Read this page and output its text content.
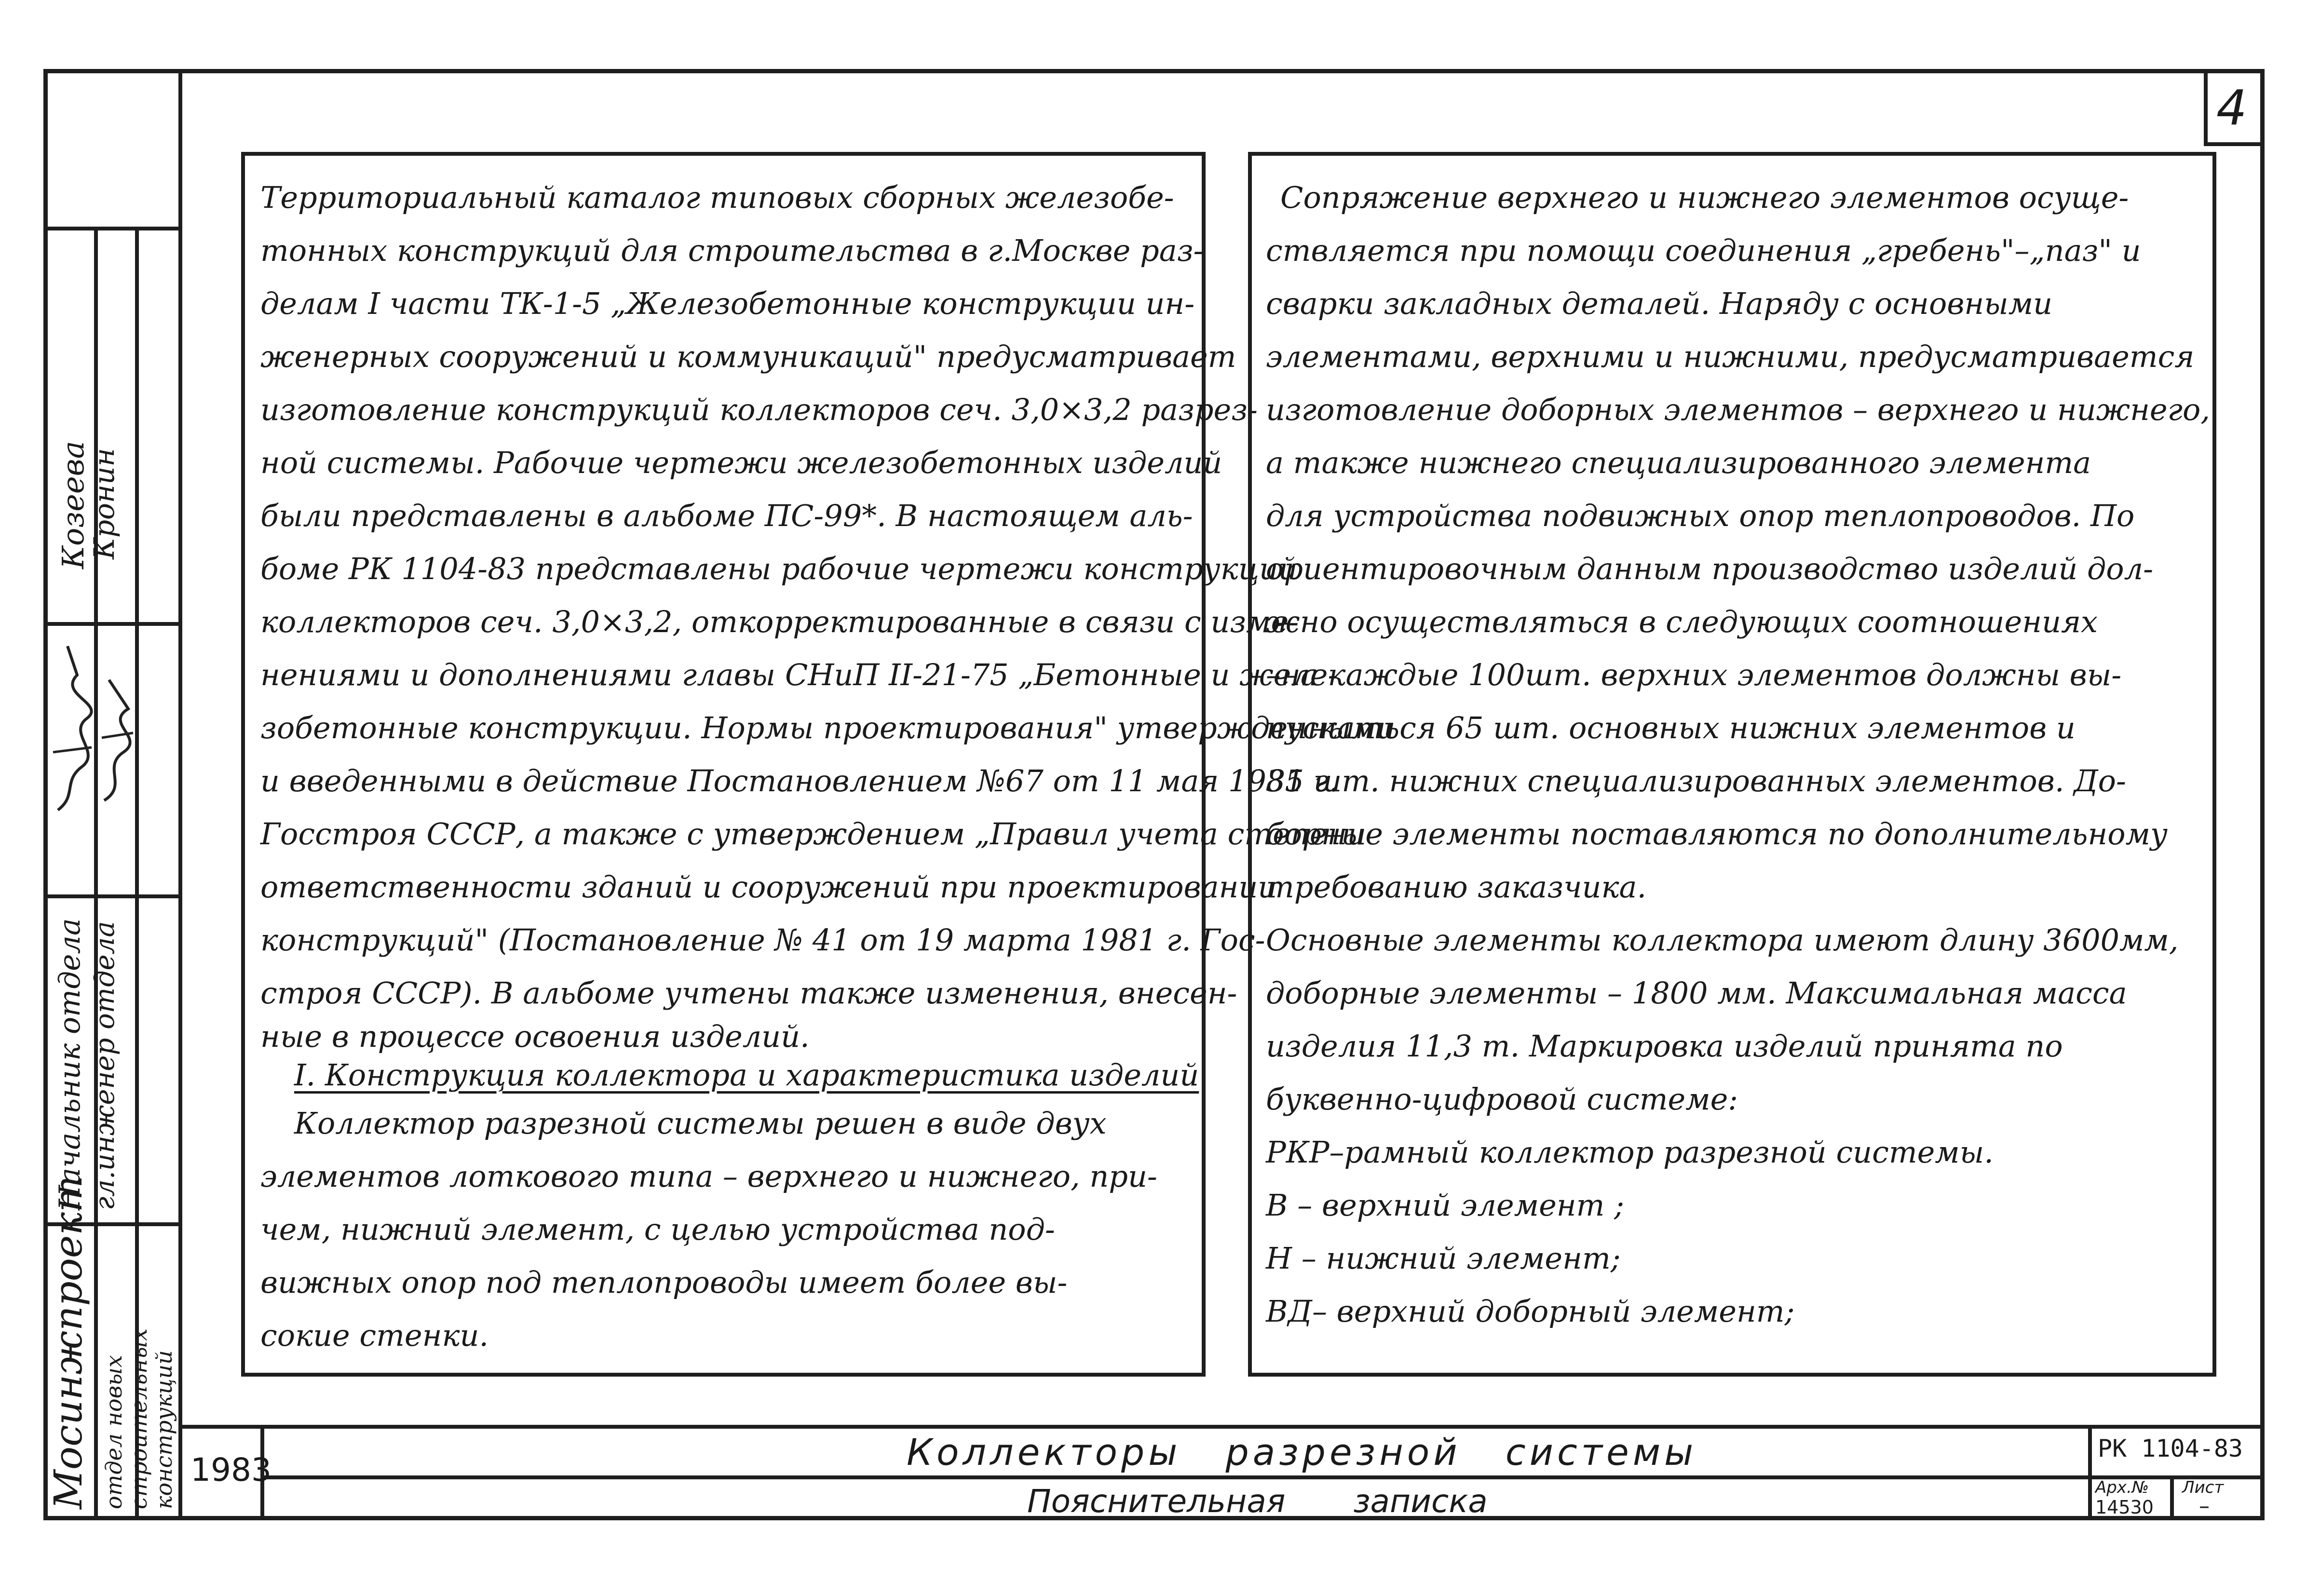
4
Территориальный каталог типовых сборных железобе-
тонных конструкций для строительства в г.Москве раз-
делам I части ТК-1-5 „Железобетонные конструкции ин-
женерных сооружений и коммуникаций" предусматривает
изготовление конструкций коллекторов сеч. 3,0×3,2 разрез-
ной системы. Рабочие чертежи железобетонных изделий
были представлены в альбоме ПС-99*. В настоящем аль-
боме РК 1104-83 представлены рабочие чертежи конструкций
коллекторов сеч. 3,0×3,2, откорректированные в связи с изме-
нениями и дополнениями главы СНиП II-21-75 „Бетонные и желе-
зобетонные конструкции. Нормы проектирования" утвержденными
и введенными в действие Постановлением №67 от 11 мая 1981 г.
Госстроя СССР, а также с утверждением „Правил учета степени
ответственности зданий и сооружений при проектировании
конструкций" (Постановление № 41 от 19 марта 1981 г. Гос-
строя СССР). В альбоме учтены также изменения, внесен-
ные в процессе освоения изделий.
I. Конструкция коллектора и характеристика изделий
Коллектор разрезной системы решен в виде двух
элементов лоткового типа – верхнего и нижнего, при-
чем, нижний элемент, с целью устройства под-
вижных опор под теплопроводы имеет более вы-
сокие стенки.
Сопряжение верхнего и нижнего элементов осуще-
ствляется при помощи соединения „гребень"–„паз" и
сварки закладных деталей. Наряду с основными
элементами, верхними и нижними, предусматривается
изготовление доборных элементов – верхнего и нижнего,
а также нижнего специализированного элемента
для устройства подвижных опор теплопроводов. По
ориентировочным данным производство изделий дол-
жно осуществляться в следующих соотношениях
–на каждые 100шт. верхних элементов должны вы-
пускаться 65 шт. основных нижних элементов и
35 шт. нижних специализированных элементов. До-
борные элементы поставляются по дополнительному
требованию заказчика.
Основные элементы коллектора имеют длину 3600мм,
доборные элементы – 1800 мм. Максимальная масса
изделия 11,3 т. Маркировка изделий принята по
буквенно-цифровой системе:
РКР–рамный коллектор разрезной системы.
В – верхний элемент ;
Н – нижний элемент;
ВД– верхний доборный элемент;
Козеева
Кронин
Начальник отдела гл.инженер отдела
Мосинжпроект отдел новых строительных конструкций 1983	Коллекторы разрезной системы
Пояснительная записка
РК 1104-83
Арх.№
14530
Лист
–
